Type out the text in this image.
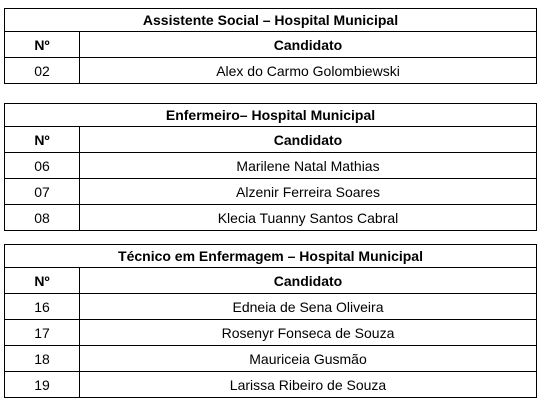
Assistente Social – Hospital Municipal	
Nº	Candidato
02	Alex do Carmo Golombiewski
Enfermeiro– Hospital Municipal	
Nº	Candidato
06	Marilene Natal Mathias
07	Alzenir Ferreira Soares
08	Klecia Tuanny Santos Cabral
Técnico em Enfermagem – Hospital Municipal	
Nº	Candidato
16	Edneia de Sena Oliveira
17	Rosenyr Fonseca de Souza
18	Mauriceia Gusmão
19	Larissa Ribeiro de Souza
